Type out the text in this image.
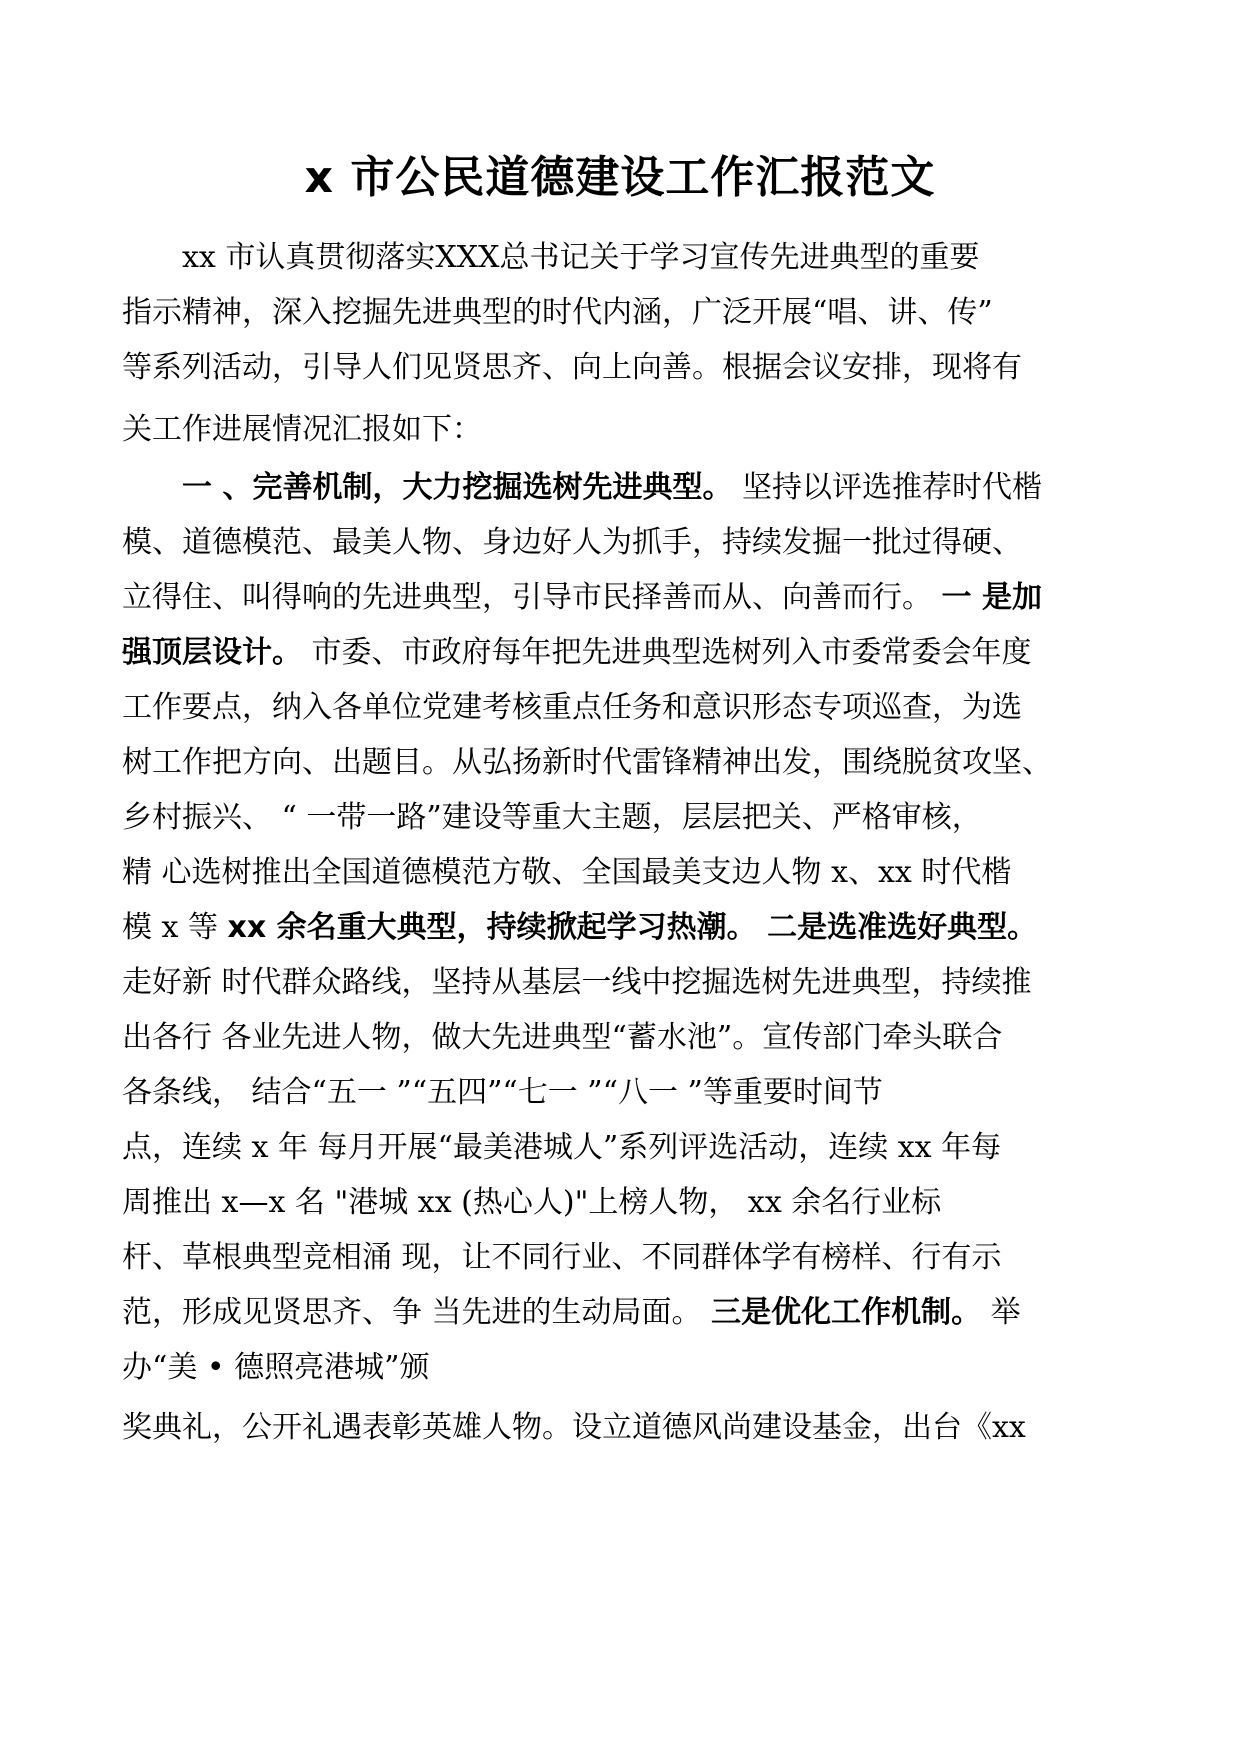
x 市公民道德建设工作汇报范文
xx 市认真贯彻落实XXX总书记关于学习宣传先进典型的重要
指示精神，深入挖掘先进典型的时代内涵，广泛开展“唱、讲、传”
等系列活动，引导人们见贤思齐、向上向善。根据会议安排，现将有
关工作进展情况汇报如下：
一 、完善机制，大力挖掘选树先进典型。 坚持以评选推荐时代楷
模、道德模范、最美人物、身边好人为抓手，持续发掘一批过得硬、
立得住、叫得响的先进典型，引导市民择善而从、向善而行。 一 是加
强顶层设计。 市委、市政府每年把先进典型选树列入市委常委会年度
工作要点，纳入各单位党建考核重点任务和意识形态专项巡查，为选
树工作把方向、出题目。从弘扬新时代雷锋精神出发，围绕脱贫攻坚、
乡村振兴、 “ 一带一路”建设等重大主题，层层把关、严格审核，
精 心选树推出全国道德模范方敬、全国最美支边人物 x、xx 时代楷
模 x 等 xx 余名重大典型，持续掀起学习热潮。 二是选准选好典型。
走好新 时代群众路线，坚持从基层一线中挖掘选树先进典型，持续推
出各行 各业先进人物，做大先进典型“蓄水池”。宣传部门牵头联合
各条线， 结合“五一 ”“五四”“七一 ”“八一 ”等重要时间节
点，连续 x 年 每月开展“最美港城人”系列评选活动，连续 xx 年每
周推出 x—x 名 "港城 xx (热心人)"上榜人物， xx 余名行业标
杆、草根典型竞相涌 现，让不同行业、不同群体学有榜样、行有示
范，形成见贤思齐、争 当先进的生动局面。 三是优化工作机制。 举
办“美 • 德照亮港城”颁
奖典礼，公开礼遇表彰英雄人物。设立道德风尚建设基金，出台《xx
